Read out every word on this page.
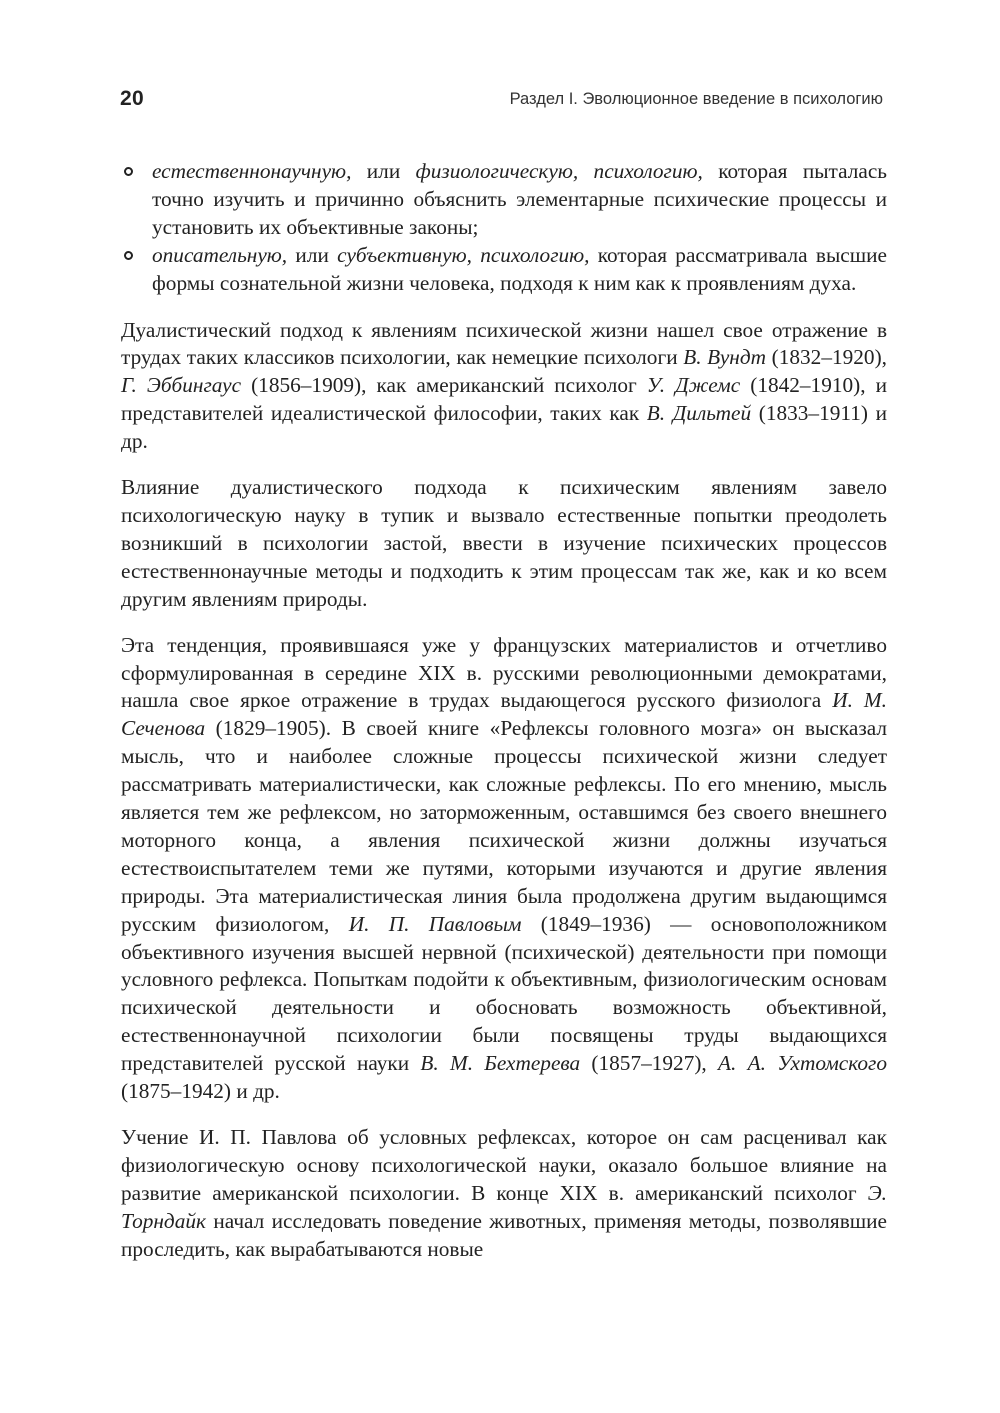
20	Раздел I. Эволюционное введение в психологию
естественнонаучную, или физиологическую, психологию, которая пыталась точно изучить и причинно объяснить элементарные психические процессы и установить их объективные законы;
описательную, или субъективную, психологию, которая рассматривала высшие формы сознательной жизни человека, подходя к ним как к проявлениям духа.

Дуалистический подход к явлениям психической жизни нашел свое отражение в трудах таких классиков психологии, как немецкие психологи В. Вундт (1832–1920), Г. Эббингаус (1856–1909), как американский психолог У. Джемс (1842–1910), и представителей идеалистической философии, таких как В. Дильтей (1833–1911) и др.

Влияние дуалистического подхода к психическим явлениям завело психологическую науку в тупик и вызвало естественные попытки преодолеть возникший в психологии застой, ввести в изучение психических процессов естественнонаучные методы и подходить к этим процессам так же, как и ко всем другим явлениям природы.

Эта тенденция, проявившаяся уже у французских материалистов и отчетливо сформулированная в середине XIX в. русскими революционными демократами, нашла свое яркое отражение в трудах выдающегося русского физиолога И. М. Сеченова (1829–1905). В своей книге «Рефлексы головного мозга» он высказал мысль, что и наиболее сложные процессы психической жизни следует рассматривать материалистически, как сложные рефлексы. По его мнению, мысль является тем же рефлексом, но заторможенным, оставшимся без своего внешнего моторного конца, а явления психической жизни должны изучаться естествоиспытателем теми же путями, которыми изучаются и другие явления природы. Эта материалистическая линия была продолжена другим выдающимся русским физиологом, И. П. Павловым (1849–1936) — основоположником объективного изучения высшей нервной (психической) деятельности при помощи условного рефлекса. Попыткам подойти к объективным, физиологическим основам психической деятельности и обосновать возможность объективной, естественнонаучной психологии были посвящены труды выдающихся представителей русской науки В. М. Бехтерева (1857–1927), А. А. Ухтомского (1875–1942) и др.

Учение И. П. Павлова об условных рефлексах, которое он сам расценивал как физиологическую основу психологической науки, оказало большое влияние на развитие американской психологии. В конце XIX в. американский психолог Э. Торндайк начал исследовать поведение животных, применяя методы, позволявшие проследить, как вырабатываются новые
